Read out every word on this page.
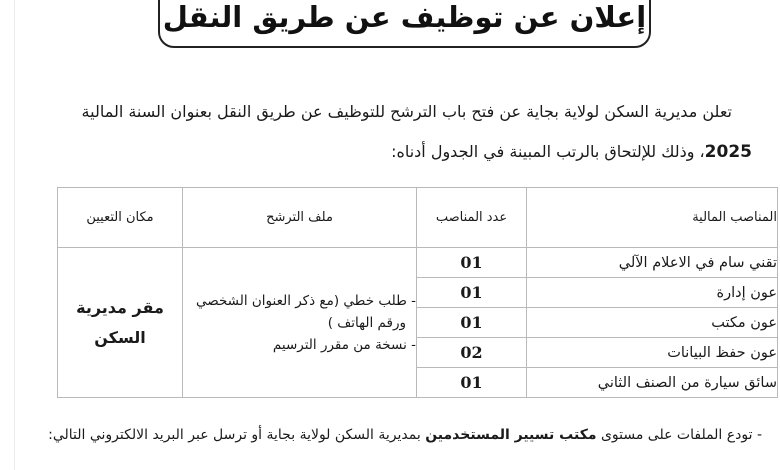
إعلان عن توظيف عن طريق النقل
تعلن مديرية السكن لولاية بجاية عن فتح باب الترشح للتوظيف عن طريق النقل بعنوان السنة المالية
2025، وذلك للإلتحاق بالرتب المبينة في الجدول أدناه:
المناصب المالية	عدد المناصب	ملف الترشح	مكان التعيين
تقني سام في الاعلام الآلي	01	
- طلب خطي (مع ذكر العنوان الشخصي
ورقم الهاتف )
- نسخة من مقرر الترسيم

مقر مديرية
السكن

عون إدارة	01		
عون مكتب	01		
عون حفظ البيانات	02		
سائق سيارة من الصنف الثاني	01		
- تودع الملفات على مستوى مكتب تسيير المستخدمين بمديرية السكن لولاية بجاية أو ترسل عبر البريد الالكتروني التالي:
